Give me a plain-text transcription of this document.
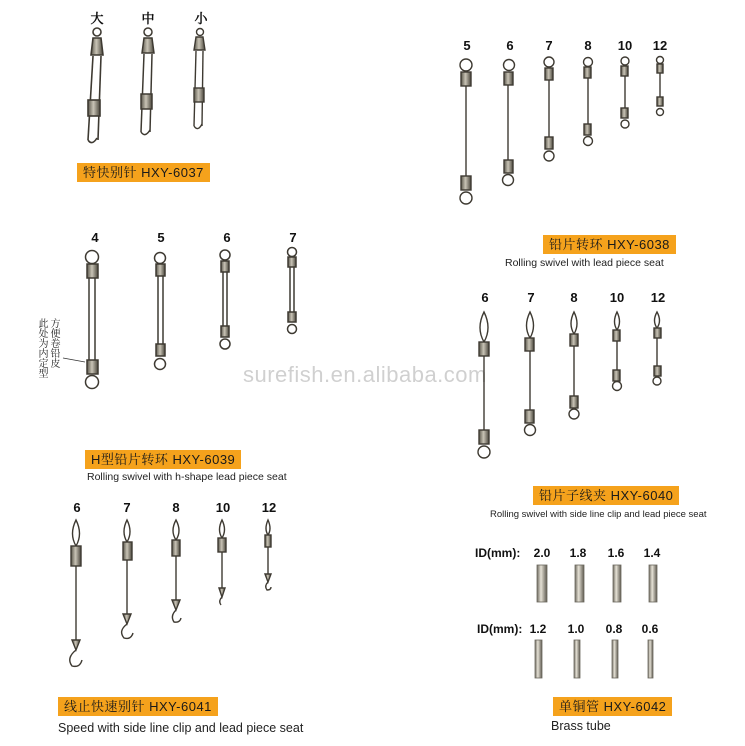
surefish.en.alibaba.com
大	中	小
特快别针 HXY-6037
5	6	7	8	10	12
铅片转环 HXY-6038
Rolling swivel with lead piece seat
4	5	6	7
方便卷铅皮
此处为内定型
H型铅片转环 HXY-6039
Rolling swivel with h-shape lead piece seat
6	7	8	10	12
铅片子线夹 HXY-6040
Rolling swivel with side line clip and lead piece seat
6	7	8	10	12
线止快速别针 HXY-6041
Speed with side line clip and lead piece seat
ID(mm):	2.0	1.8	1.6	1.4
ID(mm): 1.2	1.0	0.8	0.6
单铜管 HXY-6042
Brass tube
